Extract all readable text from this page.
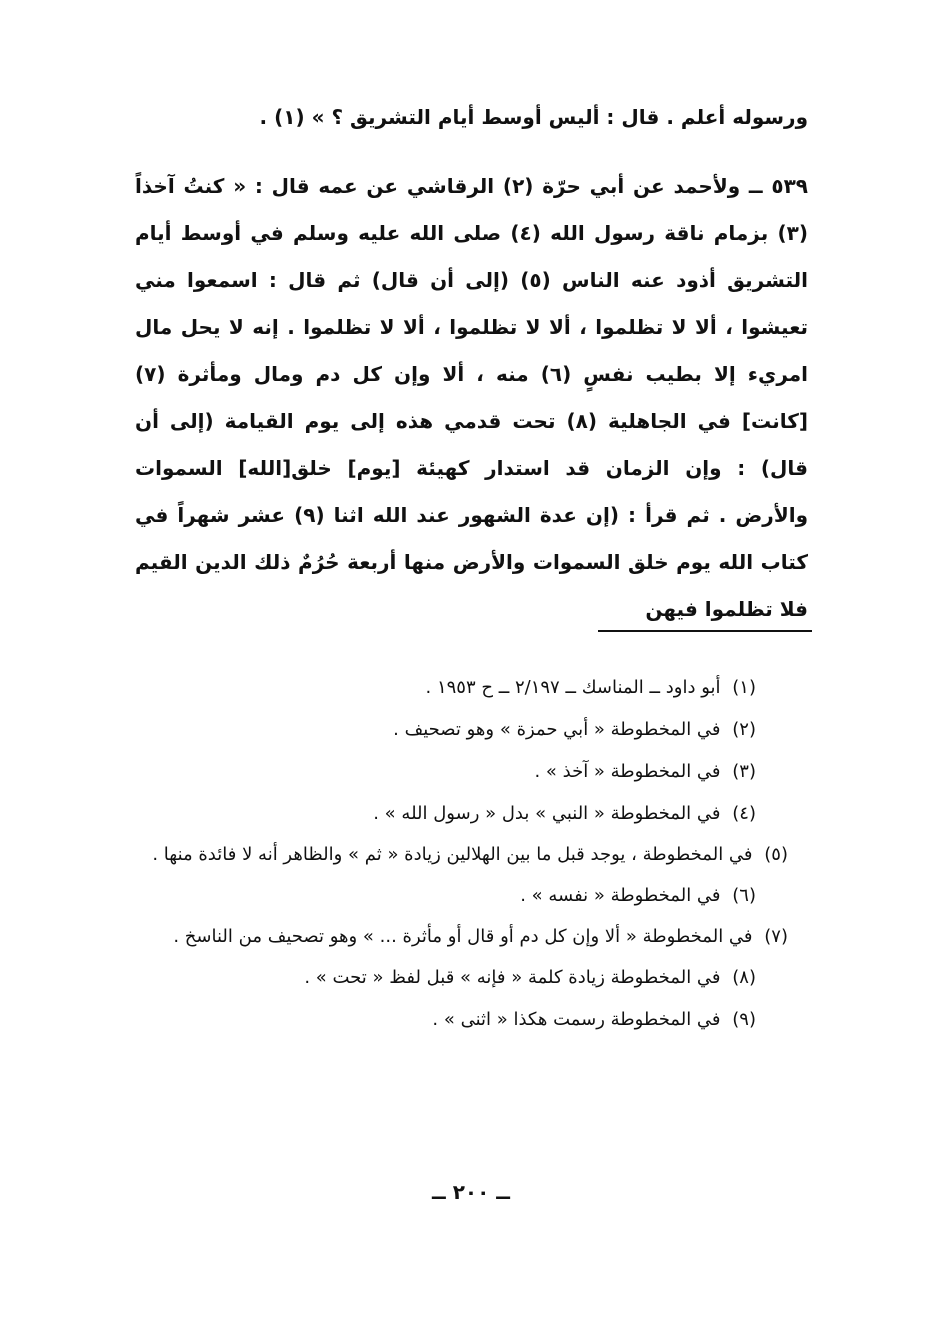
ورسوله أعلم . قال : أليس أوسط أيام التشريق ؟ » (١) .

٥٣٩ ــ ولأحمد عن أبي حرّة (٢) الرقاشي عن عمه قال : « كنتُ آخذاً (٣) بزمام ناقة رسول الله (٤) صلى الله عليه وسلم في أوسط أيام التشريق أذود عنه الناس (٥) (إلى أن قال) ثم قال : اسمعوا مني تعيشوا ، ألا لا تظلموا ، ألا لا تظلموا ، ألا لا تظلموا . إنه لا يحل مال امريء إلا بطيب نفسٍ (٦) منه ، ألا وإن كل دم ومال ومأثرة (٧) [كانت] في الجاهلية (٨) تحت قدمي هذه إلى يوم القيامة (إلى أن قال) : وإن الزمان قد استدار كهيئة [يوم] خلق[الله] السموات والأرض . ثم قرأ : (إن عدة الشهور عند الله اثنا (٩) عشر شهراً في كتاب الله يوم خلق السموات والأرض منها أربعة حُرُمٌ ذلك الدين القيم فلا تظلموا فيهن

(١) أبو داود ــ المناسك ــ ٢/١٩٧ ــ ح ١٩٥٣ .

(٢) في المخطوطة « أبي حمزة » وهو تصحيف .

(٣) في المخطوطة « آخذ » .

(٤) في المخطوطة « النبي » بدل « رسول الله » .

(٥) في المخطوطة ، يوجد قبل ما بين الهلالين زيادة « ثم » والظاهر أنه لا فائدة منها .

(٦) في المخطوطة « نفسه » .

(٧) في المخطوطة « ألا وإن كل دم أو قال أو مأثرة ... » وهو تصحيف من الناسخ .

(٨) في المخطوطة زيادة كلمة « فإنه » قبل لفظ « تحت » .

(٩) في المخطوطة رسمت هكذا « اثنى » .

ــ ٢٠٠ ــ
